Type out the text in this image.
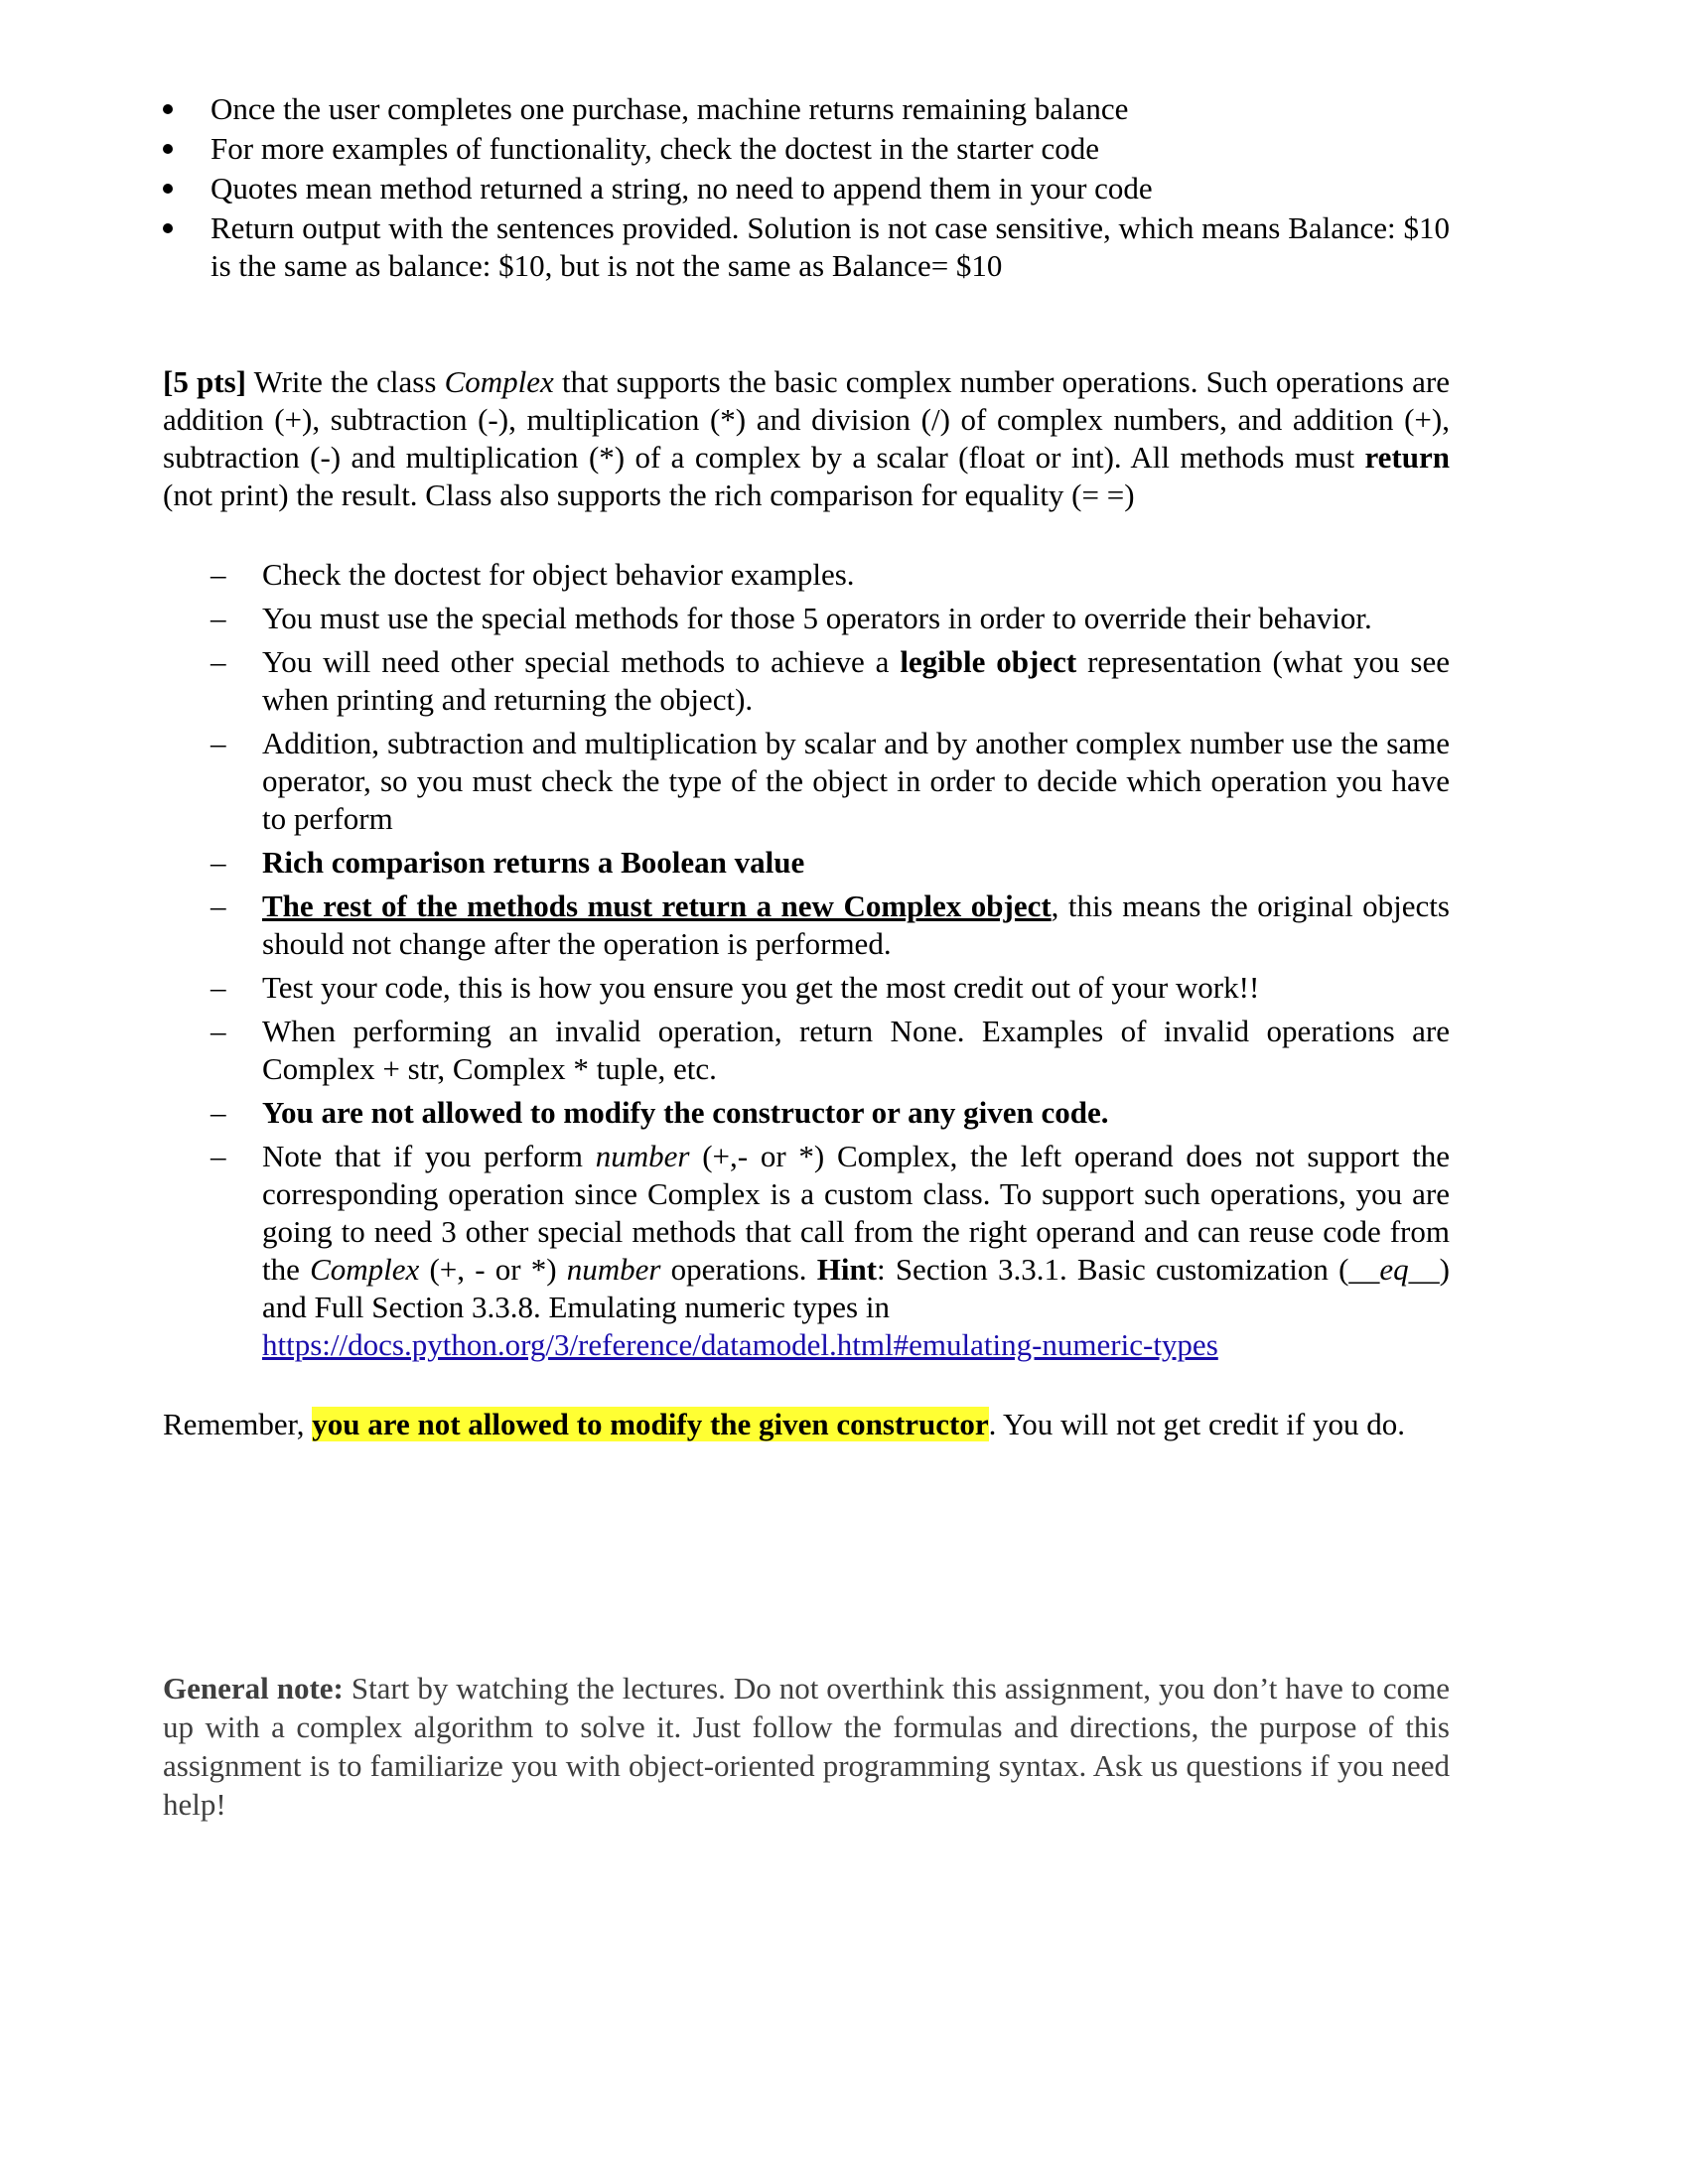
Once the user completes one purchase, machine returns remaining balance
For more examples of functionality, check the doctest in the starter code
Quotes mean method returned a string, no need to append them in your code
Return output with the sentences provided. Solution is not case sensitive, which means Balance: $10 is the same as balance: $10, but is not the same as Balance= $10

[5 pts] Write the class Complex that supports the basic complex number operations. Such operations are addition (+), subtraction (-), multiplication (*) and division (/) of complex numbers, and addition (+), subtraction (-) and multiplication (*) of a complex by a scalar (float or int). All methods must return (not print) the result. Class also supports the rich comparison for equality (= =)

– Check the doctest for object behavior examples.
– You must use the special methods for those 5 operators in order to override their behavior.
– You will need other special methods to achieve a legible object representation (what you see when printing and returning the object).
– Addition, subtraction and multiplication by scalar and by another complex number use the same operator, so you must check the type of the object in order to decide which operation you have to perform
– Rich comparison returns a Boolean value
– The rest of the methods must return a new Complex object, this means the original objects should not change after the operation is performed.
– Test your code, this is how you ensure you get the most credit out of your work!!
– When performing an invalid operation, return None. Examples of invalid operations are Complex + str, Complex * tuple, etc.
– You are not allowed to modify the constructor or any given code.
– Note that if you perform number (+,- or *) Complex, the left operand does not support the corresponding operation since Complex is a custom class. To support such operations, you are going to need 3 other special methods that call from the right operand and can reuse code from the Complex (+, - or *) number operations. Hint: Section 3.3.1. Basic customization (__eq__) and Full Section 3.3.8. Emulating numeric types in
https://docs.python.org/3/reference/datamodel.html#emulating-numeric-types

Remember, you are not allowed to modify the given constructor. You will not get credit if you do.

General note: Start by watching the lectures. Do not overthink this assignment, you don’t have to come up with a complex algorithm to solve it. Just follow the formulas and directions, the purpose of this assignment is to familiarize you with object-oriented programming syntax. Ask us questions if you need help!
